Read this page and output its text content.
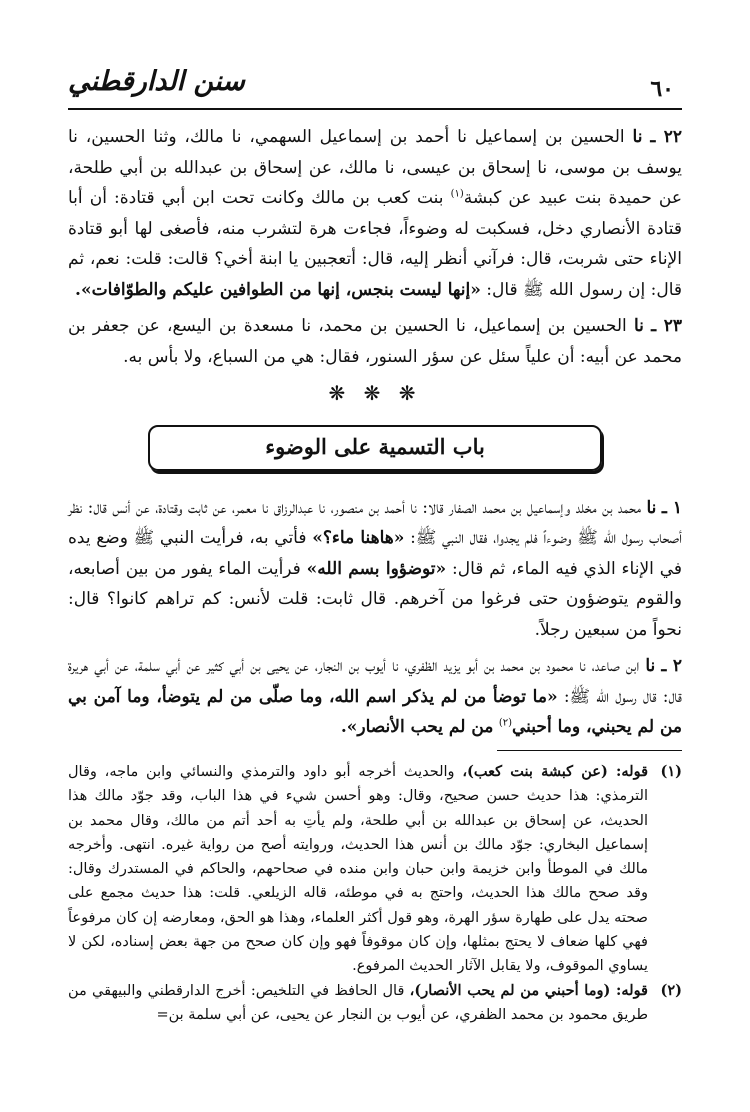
٦٠
سنن الدارقطني

٢٢ ـ نا الحسين بن إسماعيل نا أحمد بن إسماعيل السهمي، نا مالك، وثنا الحسين، نا يوسف بن موسى، نا إسحاق بن عيسى، نا مالك، عن إسحاق بن عبدالله بن أبي طلحة، عن حميدة بنت عبيد عن كبشة$^{(١)}$ بنت كعب بن مالك وكانت تحت ابن أبي قتادة: أن أبا قتادة الأنصاري دخل، فسكبت له وضوءاً، فجاءت هرة لتشرب منه، فأصغى لها أبو قتادة الإناء حتى شربت، قال: فرآني أنظر إليه، قال: أتعجبين يا ابنة أخي؟ قالت: قلت: نعم، ثم قال: إن رسول الله ﷺ قال: «إنها ليست بنجس، إنها من الطوافين عليكم والطوّافات».

٢٣ ـ نا الحسين بن إسماعيل، نا الحسين بن محمد، نا مسعدة بن اليسع، عن جعفر بن محمد عن أبيه: أن علياً سئل عن سؤر السنور، فقال: هي من السباع، ولا بأس به.

❋ ❋ ❋
باب التسمية على الوضوء

١ ـ نا محمد بن مخلد وإسماعيل بن محمد الصفار قالا: نا أحمد بن منصور، نا عبدالرزاق نا معمر، عن ثابت وقتادة، عن أنس قال: نظر أصحاب رسول الله ﷺ وضوءاً فلم يجدوا، فقال النبي ﷺ: «هاهنا ماء؟» فأتي به، فرأيت النبي ﷺ وضع يده في الإناء الذي فيه الماء، ثم قال: «توضؤوا بسم الله» فرأيت الماء يفور من بين أصابعه، والقوم يتوضؤون حتى فرغوا من آخرهم. قال ثابت: قلت لأنس: كم تراهم كانوا؟ قال: نحواً من سبعين رجلاً.

٢ ـ نا ابن صاعد، نا محمود بن محمد بن أبو يزيد الظفري، نا أيوب بن النجار، عن يحيى بن أبي كثير عن أبي سلمة، عن أبي هريرة قال: قال رسول الله ﷺ: «ما توضأ من لم يذكر اسم الله، وما صلّى من لم يتوضأ، وما آمن بي من لم يحبني، وما أحبني$^{(٢)}$ من لم يحب الأنصار».

(١)
قوله: (عن كبشة بنت كعب)، والحديث أخرجه أبو داود والترمذي والنسائي وابن ماجه، وقال الترمذي: هذا حديث حسن صحيح، وقال: وهو أحسن شيء في هذا الباب، وقد جوّد مالك هذا الحديث، عن إسحاق بن عبدالله بن أبي طلحة، ولم يأتِ به أحد أتم من مالك، وقال محمد بن إسماعيل البخاري: جوّد مالك بن أنس هذا الحديث، وروايته أصح من رواية غيره. انتهى. وأخرجه مالك في الموطأ وابن خزيمة وابن حبان وابن منده في صحاحهم، والحاكم في المستدرك وقال: وقد صحح مالك هذا الحديث، واحتج به في موطئه، قاله الزيلعي. قلت: هذا حديث مجمع على صحته يدل على طهارة سؤر الهرة، وهو قول أكثر العلماء، وهذا هو الحق، ومعارضه إن كان مرفوعاً فهي كلها ضعاف لا يحتج بمثلها، وإن كان موقوفاً فهو وإن كان صحح من جهة بعض إسناده، لكن لا يساوي الموقوف، ولا يقابل الآثار الحديث المرفوع.
(٢)
قوله: (وما أحبني من لم يحب الأنصار)، قال الحافظ في التلخيص: أخرج الدارقطني والبيهقي من طريق محمود بن محمد الظفري، عن أيوب بن النجار عن يحيى، عن أبي سلمة بن=
